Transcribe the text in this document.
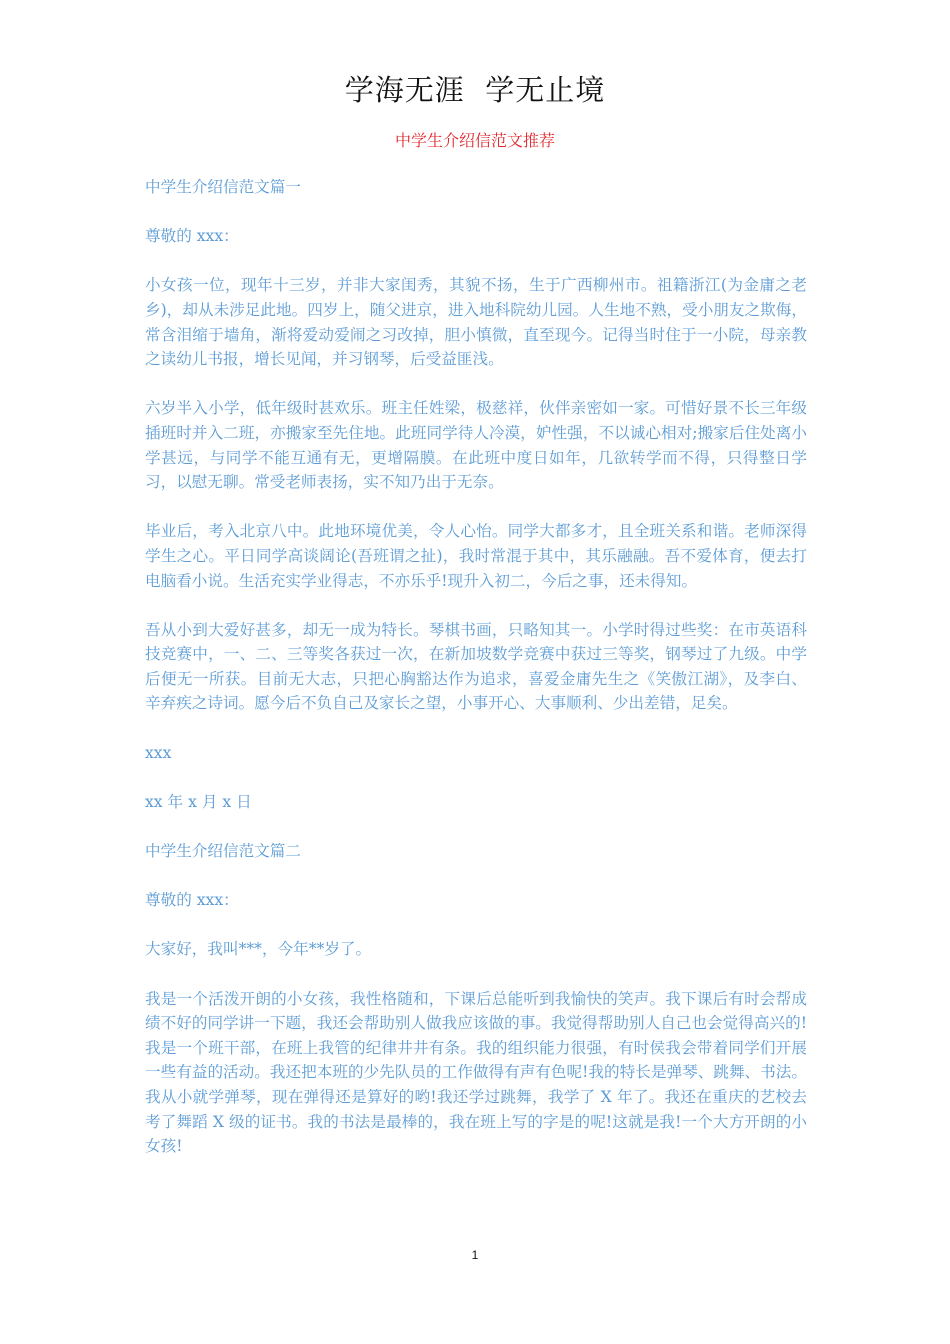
学海无涯  学无止境
中学生介绍信范文推荐

中学生介绍信范文篇一

尊敬的 xxx：

小女孩一位，现年十三岁，并非大家闺秀，其貌不扬，生于广西柳州市。祖籍浙江(为金庸之老乡)，却从未涉足此地。四岁上，随父进京，进入地科院幼儿园。人生地不熟，受小朋友之欺侮，常含泪缩于墙角，渐将爱动爱闹之习改掉，胆小慎微，直至现今。记得当时住于一小院，母亲教之读幼儿书报，增长见闻，并习钢琴，后受益匪浅。

六岁半入小学，低年级时甚欢乐。班主任姓梁，极慈祥，伙伴亲密如一家。可惜好景不长三年级插班时并入二班，亦搬家至先住地。此班同学待人冷漠，妒性强，不以诚心相对;搬家后住处离小学甚远，与同学不能互通有无，更增隔膜。在此班中度日如年，几欲转学而不得，只得整日学习，以慰无聊。常受老师表扬，实不知乃出于无奈。

毕业后，考入北京八中。此地环境优美，令人心怡。同学大都多才，且全班关系和谐。老师深得学生之心。平日同学高谈阔论(吾班谓之扯)，我时常混于其中，其乐融融。吾不爱体育，便去打电脑看小说。生活充实学业得志，不亦乐乎!现升入初二，今后之事，还未得知。

吾从小到大爱好甚多，却无一成为特长。琴棋书画，只略知其一。小学时得过些奖：在市英语科技竞赛中，一、二、三等奖各获过一次，在新加坡数学竞赛中获过三等奖，钢琴过了九级。中学后便无一所获。目前无大志，只把心胸豁达作为追求，喜爱金庸先生之《笑傲江湖》，及李白、辛弃疾之诗词。愿今后不负自己及家长之望，小事开心、大事顺利、少出差错，足矣。

xxx

xx 年 x 月 x 日

中学生介绍信范文篇二

尊敬的 xxx：

大家好，我叫***，今年**岁了。

我是一个活泼开朗的小女孩，我性格随和，下课后总能听到我愉快的笑声。我下课后有时会帮成绩不好的同学讲一下题，我还会帮助别人做我应该做的事。我觉得帮助别人自己也会觉得高兴的!我是一个班干部，在班上我管的纪律井井有条。我的组织能力很强，有时侯我会带着同学们开展一些有益的活动。我还把本班的少先队员的工作做得有声有色呢!我的特长是弹琴、跳舞、书法。我从小就学弹琴，现在弹得还是算好的哟!我还学过跳舞，我学了 X 年了。我还在重庆的艺校去考了舞蹈 X 级的证书。我的书法是最棒的，我在班上写的字是的呢!这就是我!一个大方开朗的小女孩!

1
